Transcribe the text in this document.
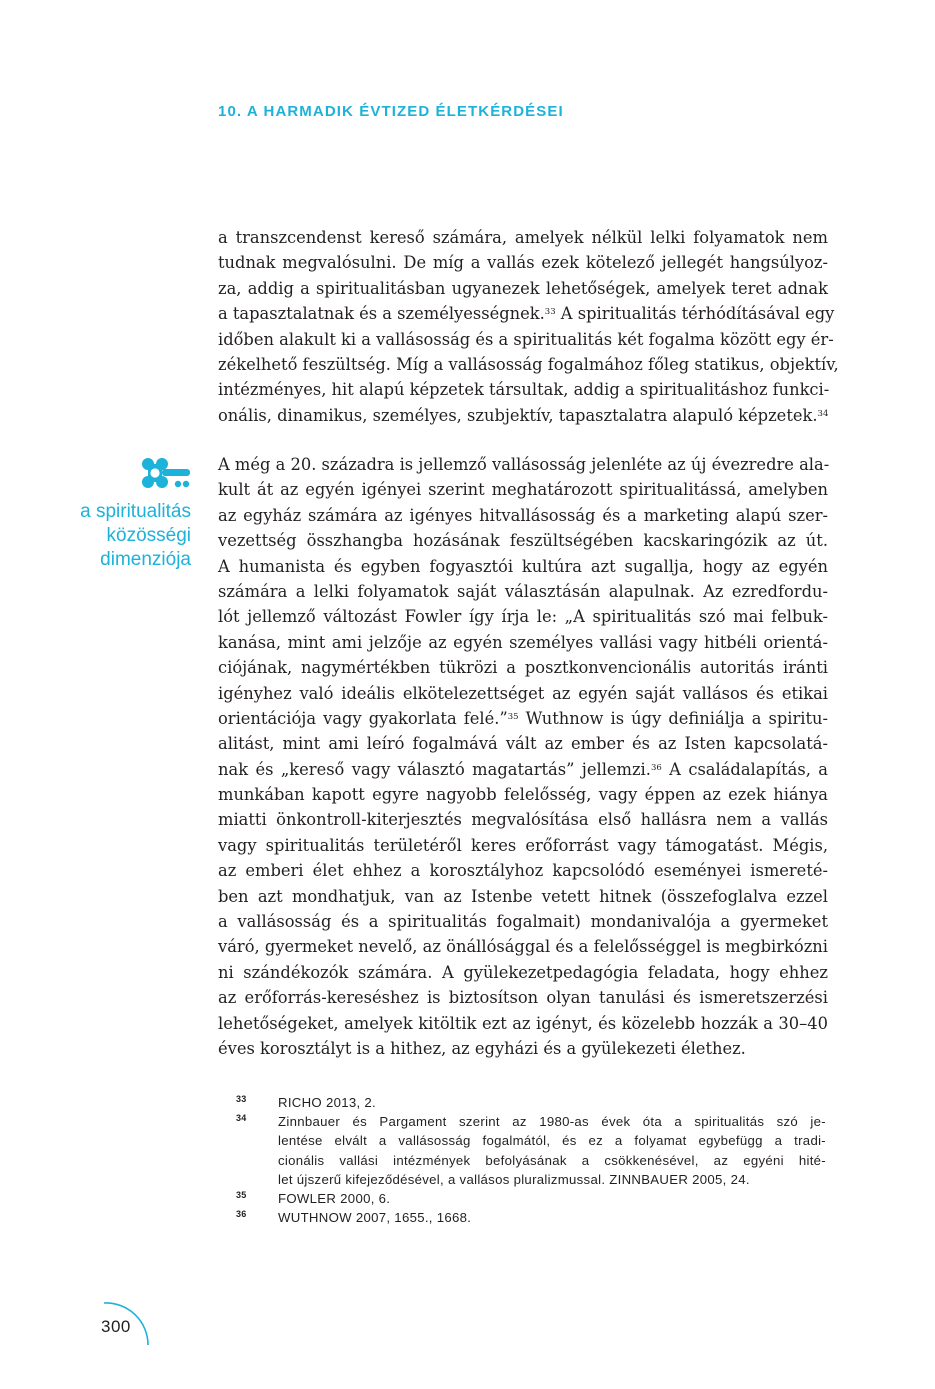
10. A HARMADIK ÉVTIZED ÉLETKÉRDÉSEI
a transzcendenst kereső számára, amelyek nélkül lelki folyamatok nem
tudnak megvalósulni. De míg a vallás ezek kötelező jellegét hangsúlyoz-
za, addig a spiritualitásban ugyanezek lehetőségek, amelyek teret adnak
a tapasztalatnak és a személyességnek.$^{33}$ A spiritualitás térhódításával egy
időben alakult ki a vallásosság és a spiritualitás két fogalma között egy ér-
zékelhető feszültség. Míg a vallásosság fogalmához főleg statikus, objektív,
intézményes, hit alapú képzetek társultak, addig a spiritualitáshoz funkci-
onális, dinamikus, személyes, szubjektív, tapasztalatra alapuló képzetek.$^{34}$
a spiritualitás
közösségi
dimenziója
A még a 20. századra is jellemző vallásosság jelenléte az új évezredre ala-
kult át az egyén igényei szerint meghatározott spiritualitássá, amelyben
az egyház számára az igényes hitvallásosság és a marketing alapú szer-
vezettség összhangba hozásának feszültségében kacskaringózik az út.
A humanista és egyben fogyasztói kultúra azt sugallja, hogy az egyén
számára a lelki folyamatok saját választásán alapulnak. Az ezredfordu-
lót jellemző változást Fowler így írja le: „A spiritualitás szó mai felbuk-
kanása, mint ami jelzője az egyén személyes vallási vagy hitbéli orientá-
ciójának, nagymértékben tükrözi a posztkonvencionális autoritás iránti
igényhez való ideális elkötelezettséget az egyén saját vallásos és etikai
orientációja vagy gyakorlata felé.”$^{35}$ Wuthnow is úgy definiálja a spiritu-
alitást, mint ami leíró fogalmává vált az ember és az Isten kapcsolatá-
nak és „kereső vagy választó magatartás” jellemzi.$^{36}$ A családalapítás, a
munkában kapott egyre nagyobb felelősség, vagy éppen az ezek hiánya
miatti önkontroll-kiterjesztés megvalósítása első hallásra nem a vallás
vagy spiritualitás területéről keres erőforrást vagy támogatást. Mégis,
az emberi élet ehhez a korosztályhoz kapcsolódó eseményei ismereté-
ben azt mondhatjuk, van az Istenbe vetett hitnek (összefoglalva ezzel
a vallásosság és a spiritualitás fogalmait) mondanivalója a gyermeket
váró, gyermeket nevelő, az önállósággal és a felelősséggel is megbirkózni
ni szándékozók számára. A gyülekezetpedagógia feladata, hogy ehhez
az erőforrás-kereséshez is biztosítson olyan tanulási és ismeretszerzési
lehetőségeket, amelyek kitöltik ezt az igényt, és közelebb hozzák a 30–40
éves korosztályt is a hithez, az egyházi és a gyülekezeti élethez.
33 RICHO 2013, 2.
34 Zinnbauer és Pargament szerint az 1980-as évek óta a spiritualitás szó je-
lentése elvált a vallásosság fogalmától, és ez a folyamat egybefügg a tradi-
cionális vallási intézmények befolyásának a csökkenésével, az egyéni hité-
let újszerű kifejeződésével, a vallásos pluralizmussal. ZINNBAUER 2005, 24.
35 FOWLER 2000, 6.
36 WUTHNOW 2007, 1655., 1668.
300
